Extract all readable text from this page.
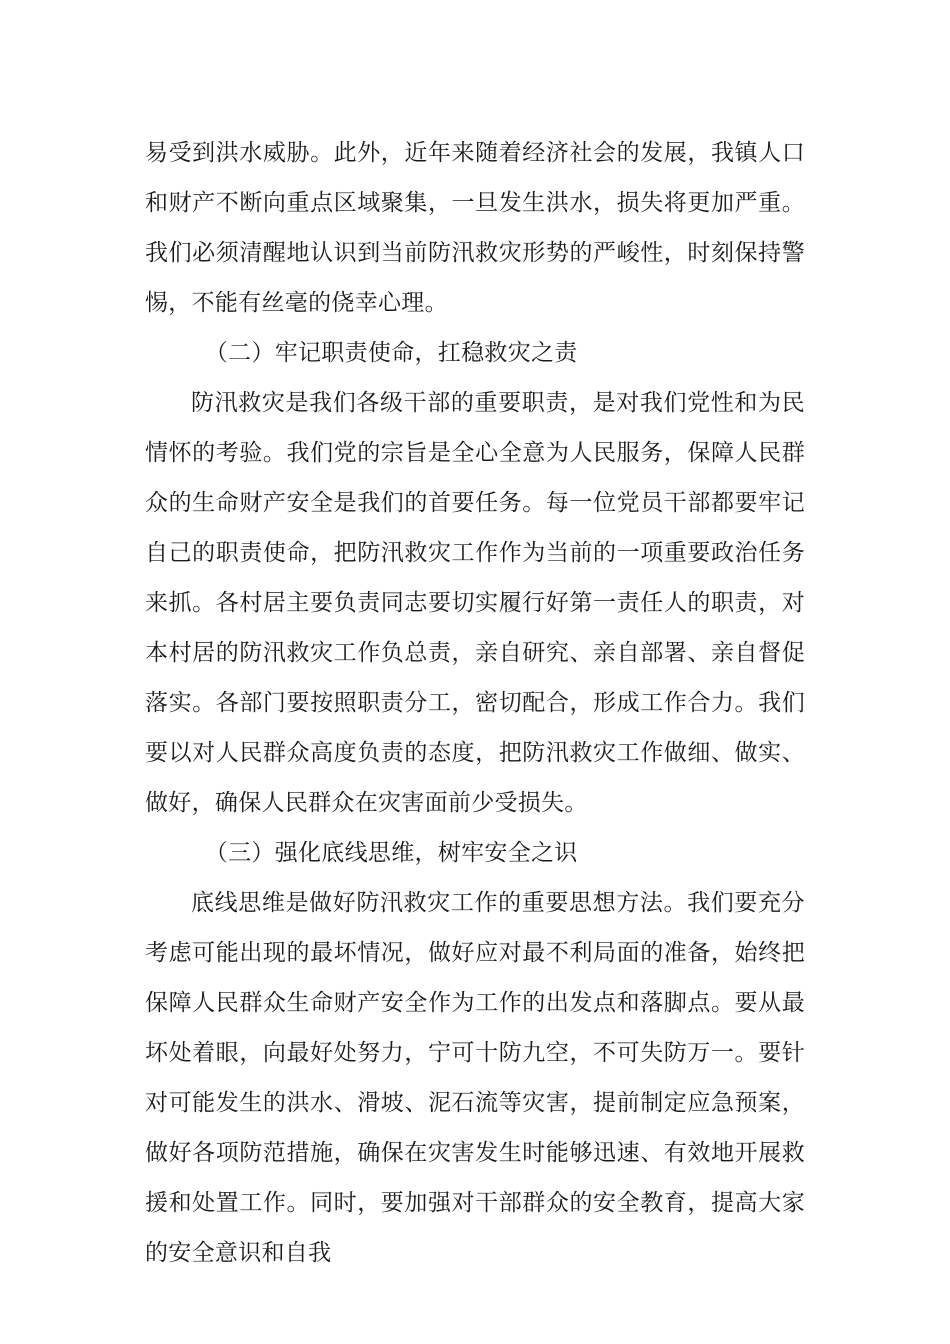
易受到洪水威胁。此外，近年来随着经济社会的发展，我镇人口和财产不断向重点区域聚集，一旦发生洪水，损失将更加严重。我们必须清醒地认识到当前防汛救灾形势的严峻性，时刻保持警惕，不能有丝毫的侥幸心理。

（二）牢记职责使命，扛稳救灾之责

防汛救灾是我们各级干部的重要职责，是对我们党性和为民情怀的考验。我们党的宗旨是全心全意为人民服务，保障人民群众的生命财产安全是我们的首要任务。每一位党员干部都要牢记自己的职责使命，把防汛救灾工作作为当前的一项重要政治任务来抓。各村居主要负责同志要切实履行好第一责任人的职责，对本村居的防汛救灾工作负总责，亲自研究、亲自部署、亲自督促落实。各部门要按照职责分工，密切配合，形成工作合力。我们要以对人民群众高度负责的态度，把防汛救灾工作做细、做实、做好，确保人民群众在灾害面前少受损失。

（三）强化底线思维，树牢安全之识

底线思维是做好防汛救灾工作的重要思想方法。我们要充分考虑可能出现的最坏情况，做好应对最不利局面的准备，始终把保障人民群众生命财产安全作为工作的出发点和落脚点。要从最坏处着眼，向最好处努力，宁可十防九空，不可失防万一。要针对可能发生的洪水、滑坡、泥石流等灾害，提前制定应急预案，做好各项防范措施，确保在灾害发生时能够迅速、有效地开展救援和处置工作。同时，要加强对干部群众的安全教育，提高大家的安全意识和自我
